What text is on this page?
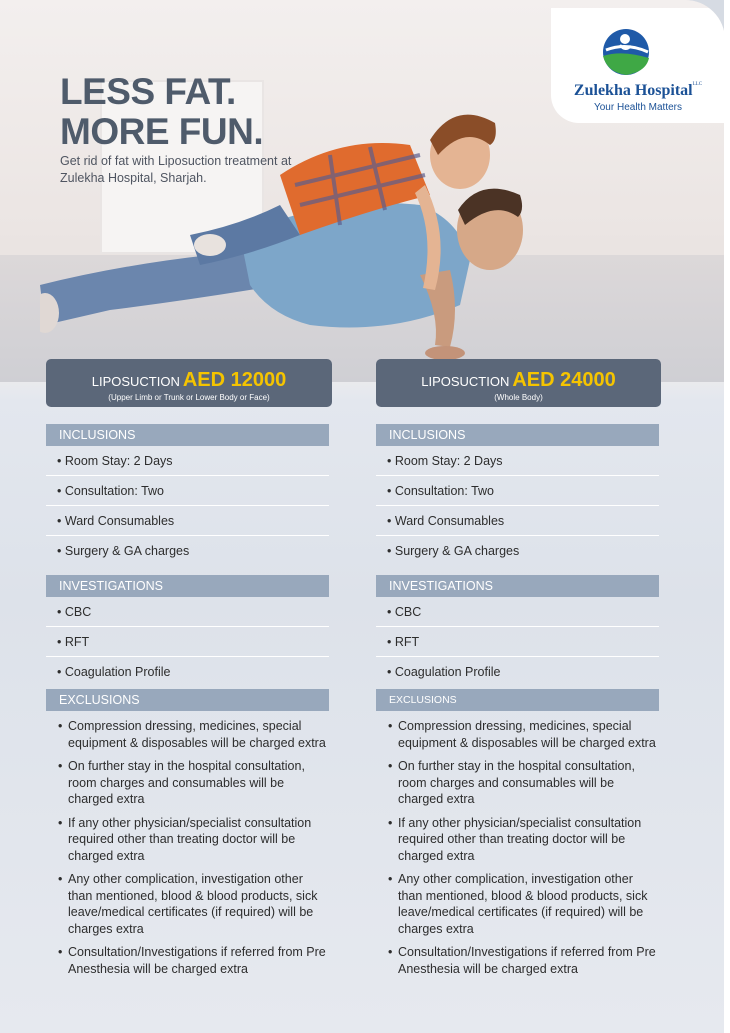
LESS FAT.
MORE FUN.
Get rid of fat with Liposuction treatment at Zulekha Hospital, Sharjah.
Zulekha Hospital$^{LLC}$
Your Health Matters
LIPOSUCTION AED 12000
(Upper Limb or Trunk or Lower Body or Face)
LIPOSUCTION AED 24000
(Whole Body)
INCLUSIONS
• Room Stay: 2 Days
• Consultation: Two
• Ward Consumables
• Surgery & GA charges
INVESTIGATIONS
• CBC
• RFT
• Coagulation Profile
EXCLUSIONS
• Compression dressing, medicines, special equipment & disposables will be charged extra
• On further stay in the hospital consultation, room charges and consumables will be charged extra
• If any other physician/specialist consultation required other than treating doctor will be charged extra
• Any other complication, investigation other than mentioned, blood & blood products, sick leave/medical certificates (if required) will be charges extra
• Consultation/Investigations if referred from Pre Anesthesia will be charged extra
INCLUSIONS
• Room Stay: 2 Days
• Consultation: Two
• Ward Consumables
• Surgery & GA charges
INVESTIGATIONS
• CBC
• RFT
• Coagulation Profile
EXCLUSIONS
• Compression dressing, medicines, special equipment & disposables will be charged extra
• On further stay in the hospital consultation, room charges and consumables will be charged extra
• If any other physician/specialist consultation required other than treating doctor will be charged extra
• Any other complication, investigation other than mentioned, blood & blood products, sick leave/medical certificates (if required) will be charges extra
• Consultation/Investigations if referred from Pre Anesthesia will be charged extra
